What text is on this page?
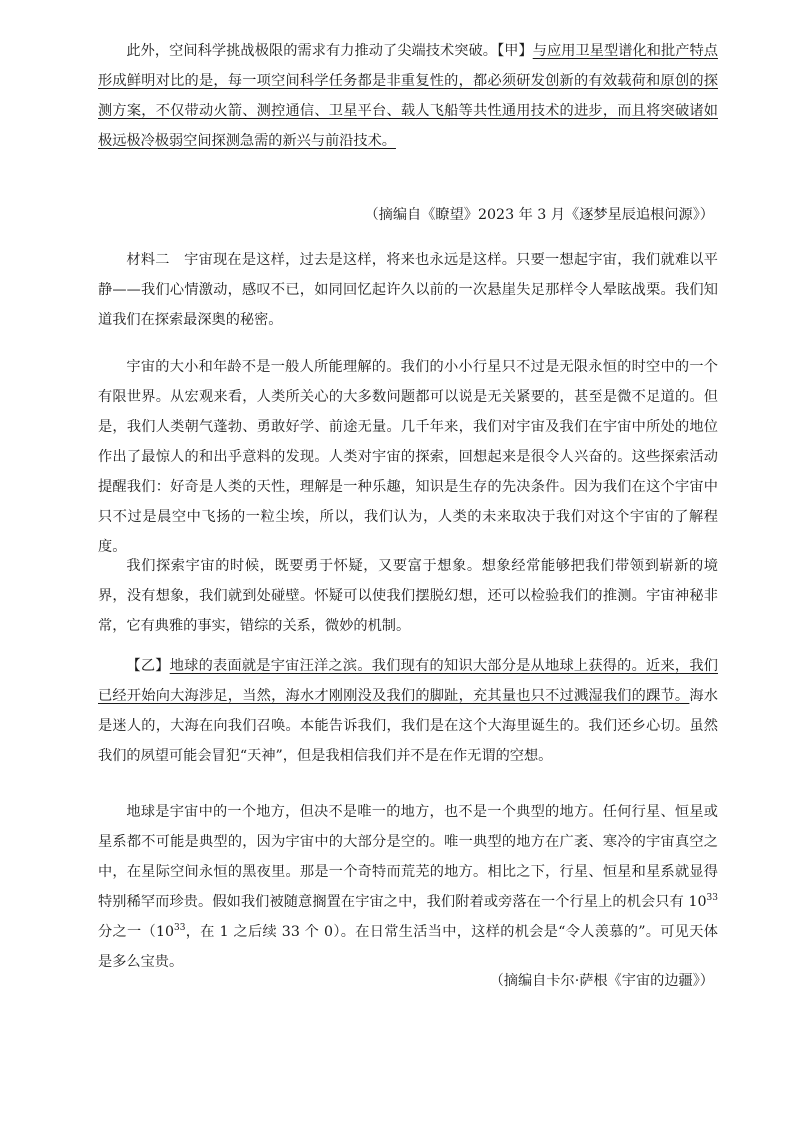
此外，空间科学挑战极限的需求有力推动了尖端技术突破。【甲】与应用卫星型谱化和批产特点形成鲜明对比的是，每一项空间科学任务都是非重复性的，都必须研发创新的有效载荷和原创的探测方案，不仅带动火箭、测控通信、卫星平台、载人飞船等共性通用技术的进步，而且将突破诸如极远极冷极弱空间探测急需的新兴与前沿技术。

（摘编自《瞭望》2023 年 3 月《逐梦星辰追根问源》）

材料二　宇宙现在是这样，过去是这样，将来也永远是这样。只要一想起宇宙，我们就难以平静——我们心情激动，感叹不已，如同回忆起许久以前的一次悬崖失足那样令人晕眩战栗。我们知道我们在探索最深奥的秘密。

宇宙的大小和年龄不是一般人所能理解的。我们的小小行星只不过是无限永恒的时空中的一个有限世界。从宏观来看，人类所关心的大多数问题都可以说是无关紧要的，甚至是微不足道的。但是，我们人类朝气蓬勃、勇敢好学、前途无量。几千年来，我们对宇宙及我们在宇宙中所处的地位作出了最惊人的和出乎意料的发现。人类对宇宙的探索，回想起来是很令人兴奋的。这些探索活动提醒我们：好奇是人类的天性，理解是一种乐趣，知识是生存的先决条件。因为我们在这个宇宙中只不过是晨空中飞扬的一粒尘埃，所以，我们认为，人类的未来取决于我们对这个宇宙的了解程度。

我们探索宇宙的时候，既要勇于怀疑，又要富于想象。想象经常能够把我们带领到崭新的境界，没有想象，我们就到处碰壁。怀疑可以使我们摆脱幻想，还可以检验我们的推测。宇宙神秘非常，它有典雅的事实，错综的关系，微妙的机制。

【乙】地球的表面就是宇宙汪洋之滨。我们现有的知识大部分是从地球上获得的。近来，我们已经开始向大海涉足，当然，海水才刚刚没及我们的脚趾，充其量也只不过溅湿我们的踝节。海水是迷人的，大海在向我们召唤。本能告诉我们，我们是在这个大海里诞生的。我们还乡心切。虽然我们的夙望可能会冒犯“天神”，但是我相信我们并不是在作无谓的空想。

地球是宇宙中的一个地方，但决不是唯一的地方，也不是一个典型的地方。任何行星、恒星或星系都不可能是典型的，因为宇宙中的大部分是空的。唯一典型的地方在广袤、寒冷的宇宙真空之中，在星际空间永恒的黑夜里。那是一个奇特而荒芜的地方。相比之下，行星、恒星和星系就显得特别稀罕而珍贵。假如我们被随意搁置在宇宙之中，我们附着或旁落在一个行星上的机会只有 $10^{33}$分之一（$10^{33}$，在 1 之后续 33 个 0）。在日常生活当中，这样的机会是“令人羡慕的”。可见天体是多么宝贵。

（摘编自卡尔·萨根《宇宙的边疆》）
